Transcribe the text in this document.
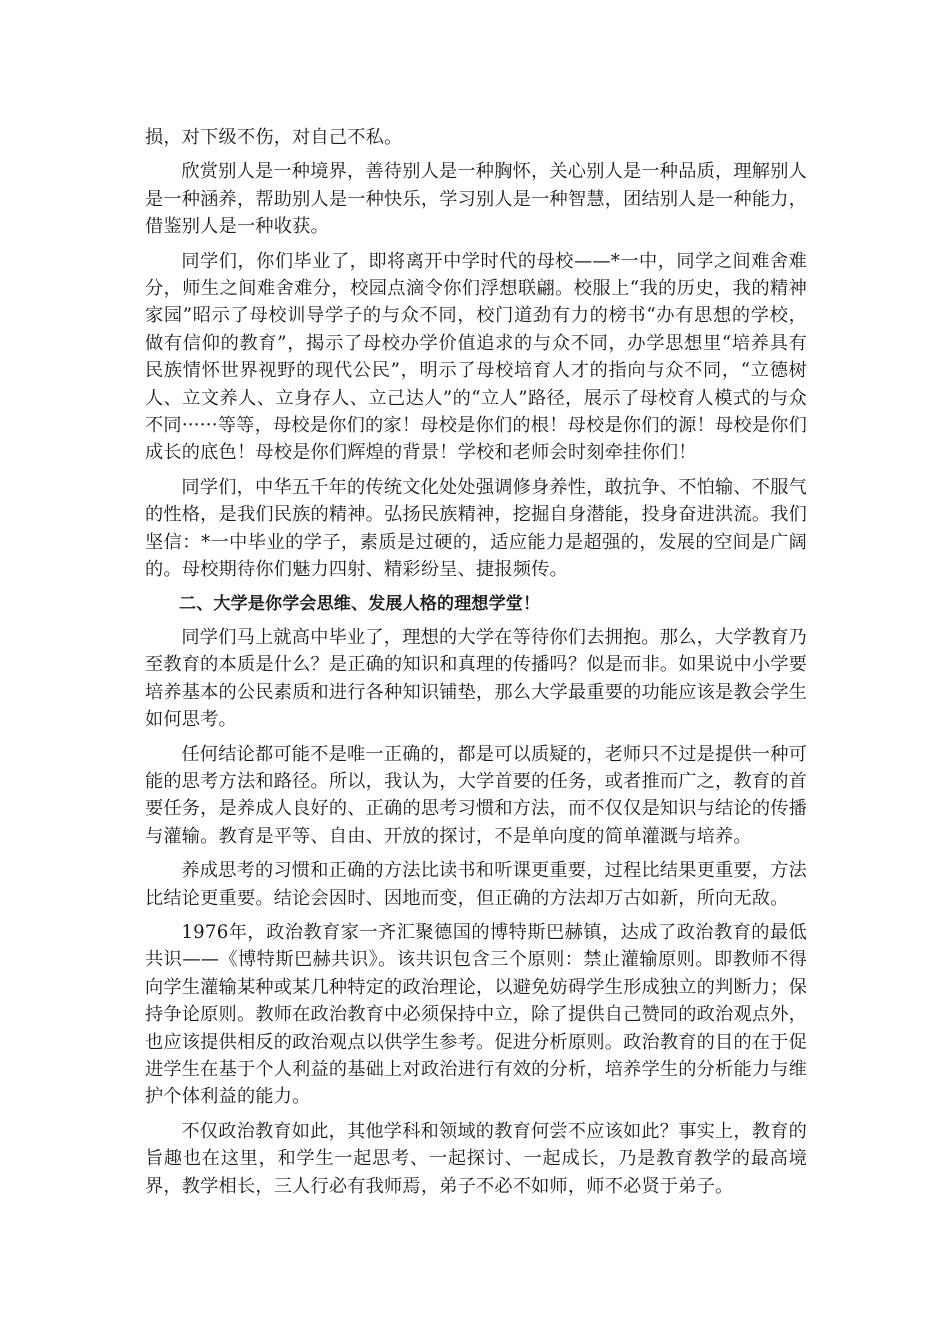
损，对下级不伤，对自己不私。

欣赏别人是一种境界，善待别人是一种胸怀，关心别人是一种品质，理解别人是一种涵养，帮助别人是一种快乐，学习别人是一种智慧，团结别人是一种能力，借鉴别人是一种收获。

同学们，你们毕业了，即将离开中学时代的母校——*一中，同学之间难舍难分，师生之间难舍难分，校园点滴令你们浮想联翩。校服上“我的历史，我的精神家园”昭示了母校训导学子的与众不同，校门道劲有力的榜书“办有思想的学校，做有信仰的教育”，揭示了母校办学价值追求的与众不同，办学思想里“培养具有民族情怀世界视野的现代公民”，明示了母校培育人才的指向与众不同，“立德树人、立文养人、立身存人、立己达人”的“立人”路径，展示了母校育人模式的与众不同······等等，母校是你们的家！母校是你们的根！母校是你们的源！母校是你们成长的底色！母校是你们辉煌的背景！学校和老师会时刻牵挂你们！

同学们，中华五千年的传统文化处处强调修身养性，敢抗争、不怕输、不服气的性格，是我们民族的精神。弘扬民族精神，挖掘自身潜能，投身奋进洪流。我们坚信：*一中毕业的学子，素质是过硬的，适应能力是超强的，发展的空间是广阔的。母校期待你们魅力四射、精彩纷呈、捷报频传。

二、大学是你学会思维、发展人格的理想学堂！

同学们马上就高中毕业了，理想的大学在等待你们去拥抱。那么，大学教育乃至教育的本质是什么？是正确的知识和真理的传播吗？似是而非。如果说中小学要培养基本的公民素质和进行各种知识铺垫，那么大学最重要的功能应该是教会学生如何思考。

任何结论都可能不是唯一正确的，都是可以质疑的，老师只不过是提供一种可能的思考方法和路径。所以，我认为，大学首要的任务，或者推而广之，教育的首要任务，是养成人良好的、正确的思考习惯和方法，而不仅仅是知识与结论的传播与灌输。教育是平等、自由、开放的探讨，不是单向度的简单灌溉与培养。

养成思考的习惯和正确的方法比读书和听课更重要，过程比结果更重要，方法比结论更重要。结论会因时、因地而变，但正确的方法却万古如新，所向无敌。

1976年，政治教育家一齐汇聚德国的博特斯巴赫镇，达成了政治教育的最低共识——《博特斯巴赫共识》。该共识包含三个原则：禁止灌输原则。即教师不得向学生灌输某种或某几种特定的政治理论，以避免妨碍学生形成独立的判断力；保持争论原则。教师在政治教育中必须保持中立，除了提供自己赞同的政治观点外，也应该提供相反的政治观点以供学生参考。促进分析原则。政治教育的目的在于促进学生在基于个人利益的基础上对政治进行有效的分析，培养学生的分析能力与维护个体利益的能力。

不仅政治教育如此，其他学科和领域的教育何尝不应该如此？事实上，教育的旨趣也在这里，和学生一起思考、一起探讨、一起成长，乃是教育教学的最高境界，教学相长，三人行必有我师焉，弟子不必不如师，师不必贤于弟子。
